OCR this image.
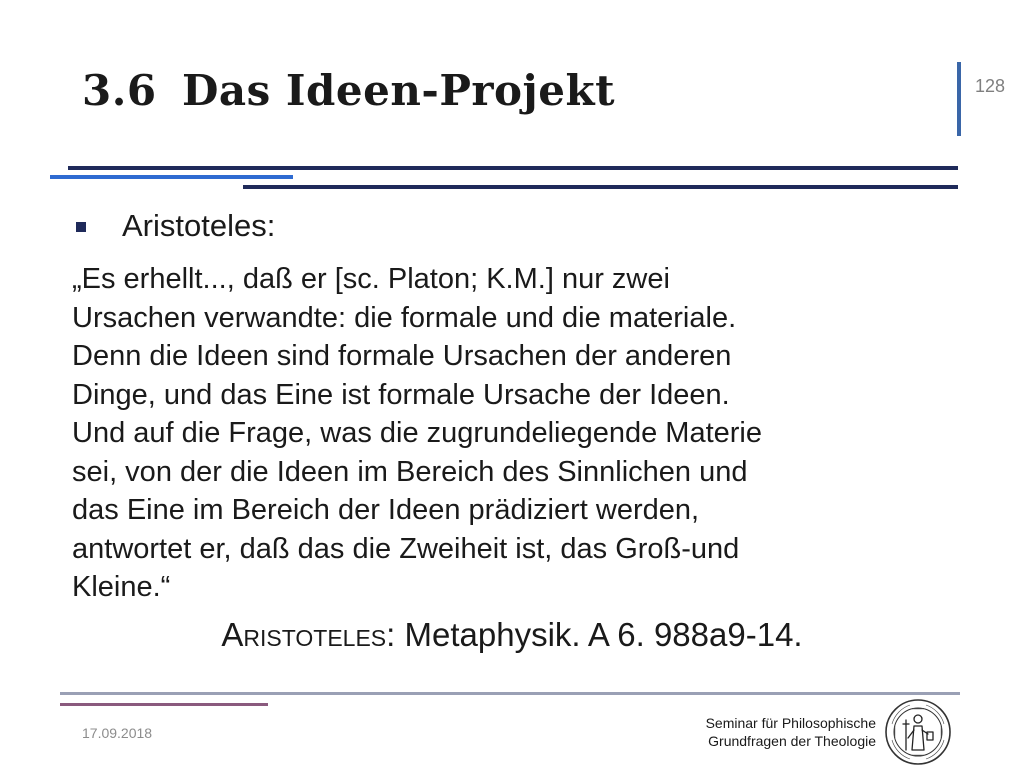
3.6 Das Ideen-Projekt	128
Aristoteles:
„Es erhellt..., daß er [sc. Platon; K.M.] nur zwei
Ursachen verwandte: die formale und die materiale.
Denn die Ideen sind formale Ursachen der anderen
Dinge, und das Eine ist formale Ursache der Ideen.
Und auf die Frage, was die zugrundeliegende Materie
sei, von der die Ideen im Bereich des Sinnlichen und
das Eine im Bereich der Ideen prädiziert werden,
antwortet er, daß das die Zweiheit ist, das Groß-und
Kleine.“
Aristoteles: Metaphysik. A 6. 988a9-14.
17.09.2018
Seminar für Philosophische
Grundfragen der Theologie
